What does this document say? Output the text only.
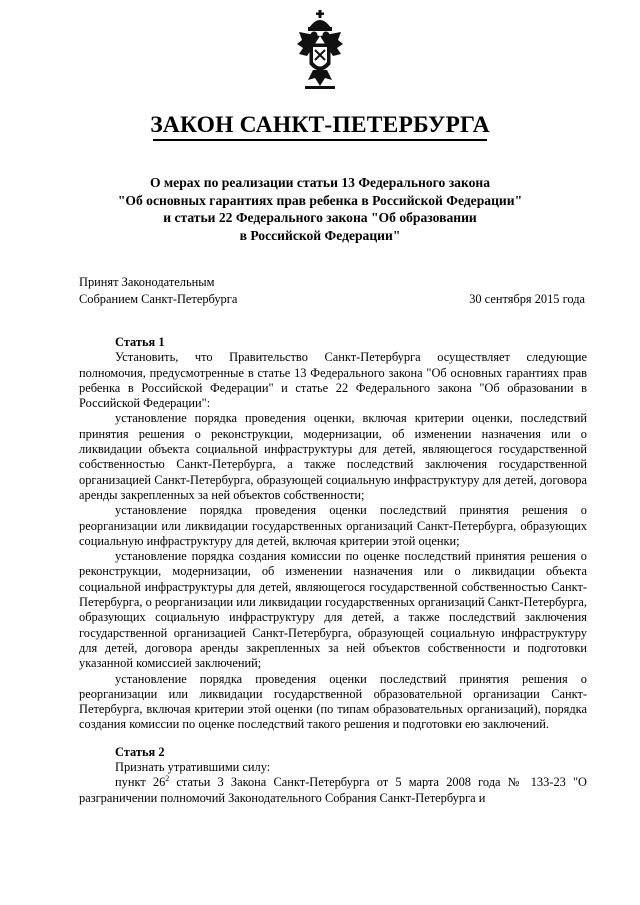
ЗАКОН САНКТ-ПЕТЕРБУРГА
О мерах по реализации статьи 13 Федерального закона
"Об основных гарантиях прав ребенка в Российской Федерации"
и статьи 22 Федерального закона "Об образовании
в Российской Федерации"
Принят Законодательным
Собранием Санкт-Петербурга	30 сентября 2015 года

Статья 1

Установить, что Правительство Санкт-Петербурга осуществляет следующие полномочия, предусмотренные в статье 13 Федерального закона "Об основных гарантиях прав ребенка в Российской Федерации" и статье 22 Федерального закона "Об образовании в Российской Федерации":

установление порядка проведения оценки, включая критерии оценки, последствий принятия решения о реконструкции, модернизации, об изменении назначения или о ликвидации объекта социальной инфраструктуры для детей, являющегося государственной собственностью Санкт-Петербурга, а также последствий заключения государственной организацией Санкт-Петербурга, образующей социальную инфраструктуру для детей, договора аренды закрепленных за ней объектов собственности;

установление порядка проведения оценки последствий принятия решения о реорганизации или ликвидации государственных организаций Санкт-Петербурга, образующих социальную инфраструктуру для детей, включая критерии этой оценки;

установление порядка создания комиссии по оценке последствий принятия решения о реконструкции, модернизации, об изменении назначения или о ликвидации объекта социальной инфраструктуры для детей, являющегося государственной собственностью Санкт-Петербурга, о реорганизации или ликвидации государственных организаций Санкт-Петербурга, образующих социальную инфраструктуру для детей, а также последствий заключения государственной организацией Санкт-Петербурга, образующей социальную инфраструктуру для детей, договора аренды закрепленных за ней объектов собственности и подготовки указанной комиссией заключений;

установление порядка проведения оценки последствий принятия решения о реорганизации или ликвидации государственной образовательной организации Санкт-Петербурга, включая критерии этой оценки (по типам образовательных организаций), порядка создания комиссии по оценке последствий такого решения и подготовки ею заключений.

Статья 2

Признать утратившими силу:

пункт $26^2$ статьи 3 Закона Санкт-Петербурга от 5 марта 2008 года № 133-23 "О разграничении полномочий Законодательного Собрания Санкт-Петербурга и
